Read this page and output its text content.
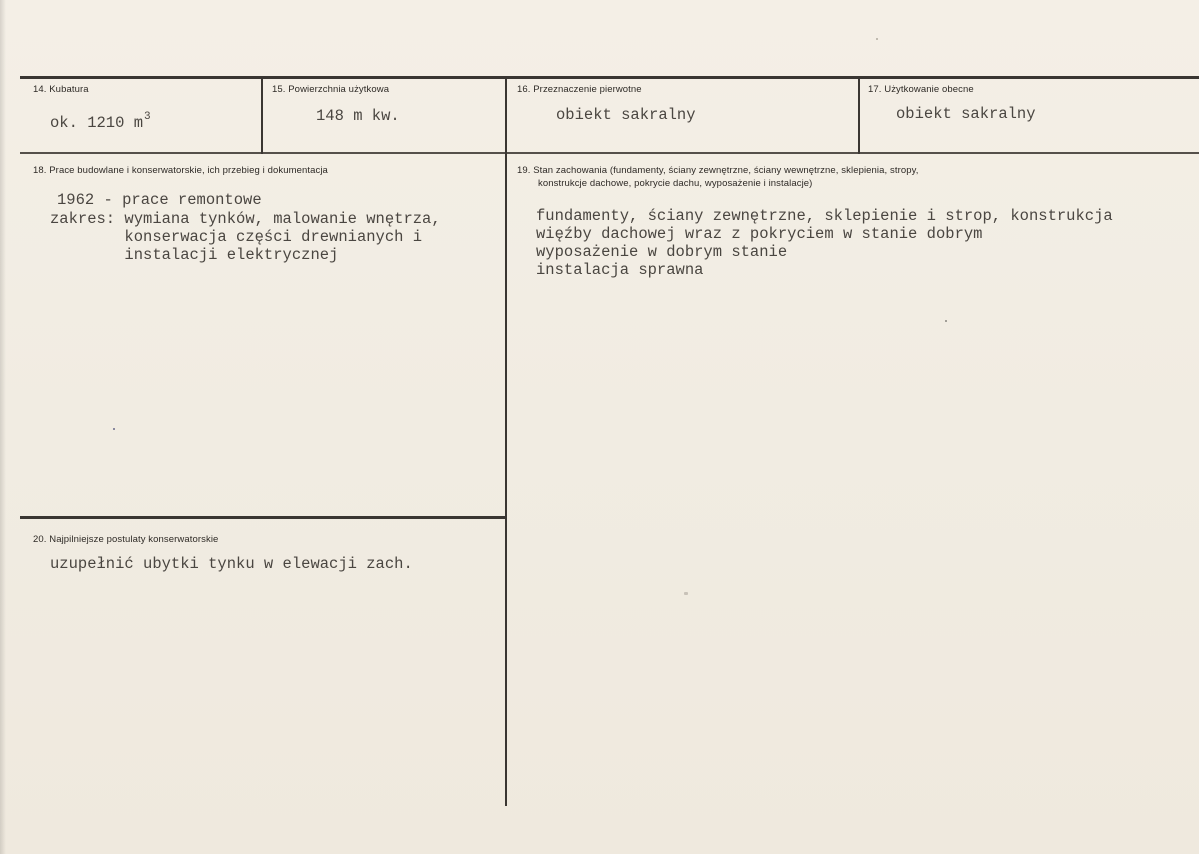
14. Kubatura
ok. 1210 $m^3$
15. Powierzchnia użytkowa
148 m kw.
16. Przeznaczenie pierwotne
obiekt sakralny
17. Użytkowanie obecne
obiekt sakralny
18. Prace budowlane i konserwatorskie, ich przebieg i dokumentacja
1962 - prace remontowe
zakres: wymiana tynków, malowanie wnętrza,
konserwacja części drewnianych i
instalacji elektrycznej
19. Stan zachowania (fundamenty, ściany zewnętrzne, ściany wewnętrzne, sklepienia, stropy,
konstrukcje dachowe, pokrycie dachu, wyposażenie i instalacje)
fundamenty, ściany zewnętrzne, sklepienie i strop, konstrukcja
więźby dachowej wraz z pokryciem w stanie dobrym
wyposażenie w dobrym stanie
instalacja sprawna
20. Najpilniejsze postulaty konserwatorskie
uzupełnić ubytki tynku w elewacji zach.
